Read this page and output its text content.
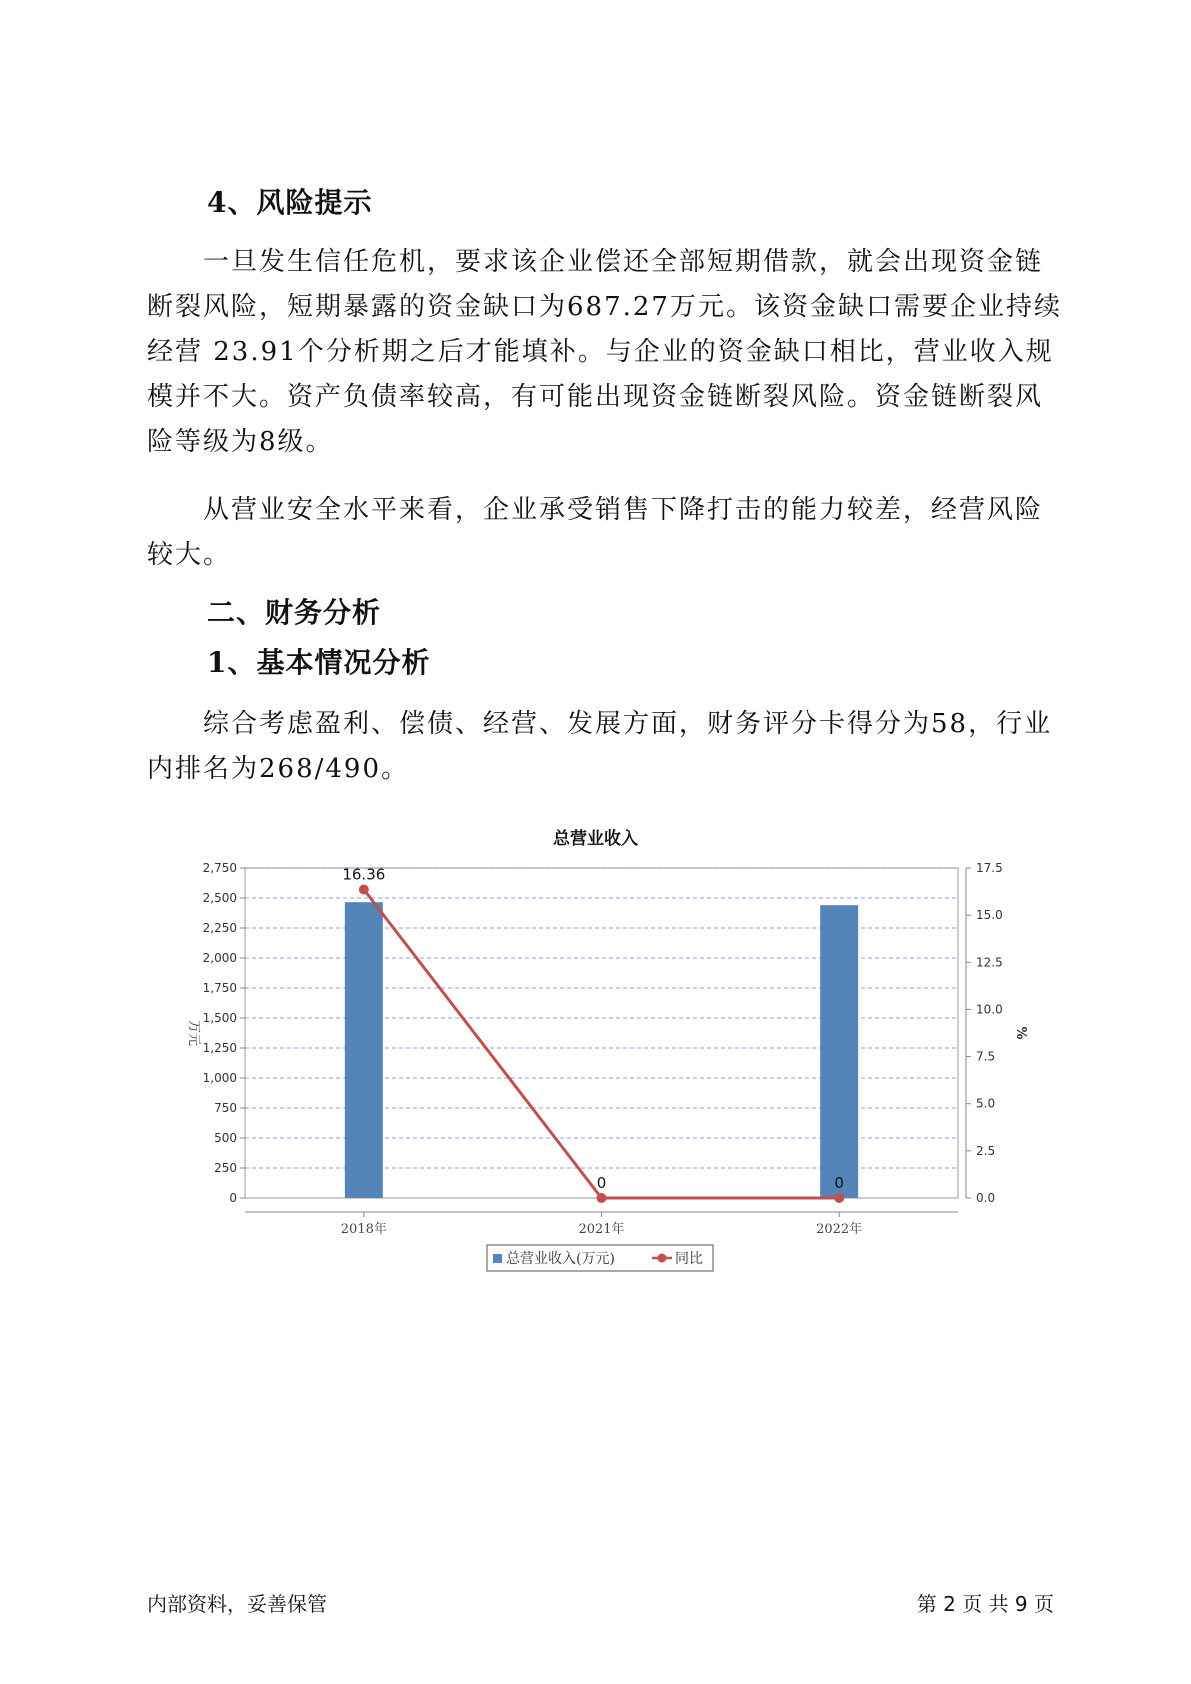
4、风险提示
一旦发生信任危机，要求该企业偿还全部短期借款，就会出现资金链
断裂风险，短期暴露的资金缺口为687.27万元。该资金缺口需要企业持续
经营 23.91个分析期之后才能填补。与企业的资金缺口相比，营业收入规
模并不大。资产负债率较高，有可能出现资金链断裂风险。资金链断裂风
险等级为8级。
从营业安全水平来看，企业承受销售下降打击的能力较差，经营风险
较大。
二、财务分析
1、基本情况分析
综合考虑盈利、偿债、经营、发展方面，财务评分卡得分为58，行业
内排名为268/490。
总营业收入
0
250
500
750
1,000
1,250
1,500
1,750
2,000
2,250
2,500
2,750
0.0
2.5
5.0
7.5
10.0
12.5
15.0
17.5
万元	%
2018年	2021年	2022年
16.36
0	0
总营业收入(万元)	同比
内部资料，妥善保管	第 2 页 共 9 页
